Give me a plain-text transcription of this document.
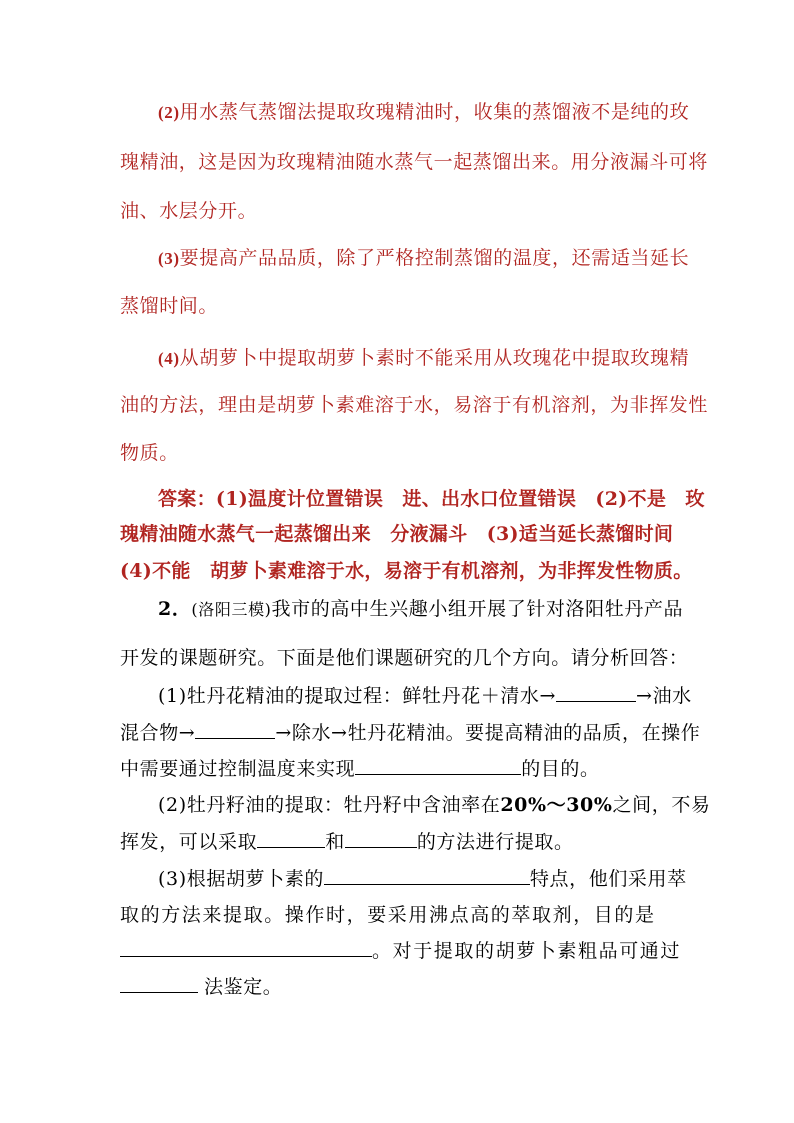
(2)用水蒸气蒸馏法提取玫瑰精油时，收集的蒸馏液不是纯的玫
瑰精油，这是因为玫瑰精油随水蒸气一起蒸馏出来。用分液漏斗可将
油、水层分开。
(3)要提高产品品质，除了严格控制蒸馏的温度，还需适当延长
蒸馏时间。
(4)从胡萝卜中提取胡萝卜素时不能采用从玫瑰花中提取玫瑰精
油的方法，理由是胡萝卜素难溶于水，易溶于有机溶剂，为非挥发性
物质。
答案：(1)温度计位置错误　进、出水口位置错误　(2)不是　玫
瑰精油随水蒸气一起蒸馏出来　分液漏斗　(3)适当延长蒸馏时间
(4)不能　胡萝卜素难溶于水，易溶于有机溶剂，为非挥发性物质。
2．(洛阳三模)我市的高中生兴趣小组开展了针对洛阳牡丹产品
开发的课题研究。下面是他们课题研究的几个方向。请分析回答：
(1)牡丹花精油的提取过程：鲜牡丹花＋清水→	→油水
混合物→	→除水→牡丹花精油。要提高精油的品质，在操作
中需要通过控制温度来实现	的目的。
(2)牡丹籽油的提取：牡丹籽中含油率在20%～30%之间，不易
挥发，可以采取	和	的方法进行提取。
(3)根据胡萝卜素的	特点，他们采用萃
取的方法来提取。操作时，要采用沸点高的萃取剂，目的是
。对于提取的胡萝卜素粗品可通过
法鉴定。
